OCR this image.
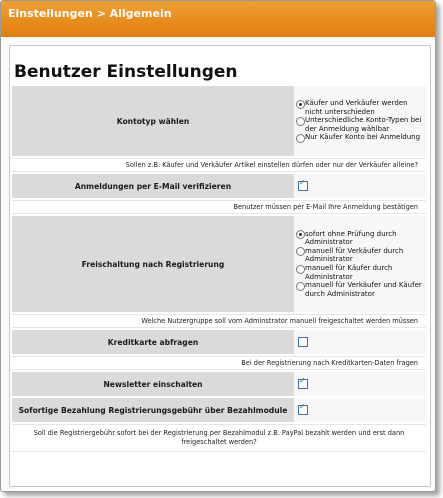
Einstellungen > Allgemein
Benutzer Einstellungen
Kontotyp wählen
Käufer und Verkäufer werden nicht unterschieden
Unterschiedliche Konto-Typen bei der Anmeldung wählbar
Nur Käufer Konto bei Anmeldung
Sollen z.B: Käufer und Verkäufer Artikel einstellen dürfen oder nur der Verkäufer alleine?
Anmeldungen per E-Mail verifizieren
✓
Benutzer müssen per E-Mail Ihre Anmeldung bestätigen
Freischaltung nach Registrierung
sofort ohne Prüfung durch Administrator
manuell für Verkäufer durch Administrator
manuell für Käufer durch Administrator
manuell für Verkäufer und Käufer durch Administrator
Welche Nutzergruppe soll vom Adminstrator manuell freigeschaltet werden müssen
Kreditkarte abfragen
Bei der Registrierung nach Kreditkarten-Daten fragen
Newsletter einschalten
✓
Sofortige Bezahlung Registrierungsgebühr über Bezahlmodule
✓
Soll die Registriergebühr sofort bei der Registrierung per Bezahlmodul z.B. PayPal bezahlt werden und erst dann freigeschaltet werden?
